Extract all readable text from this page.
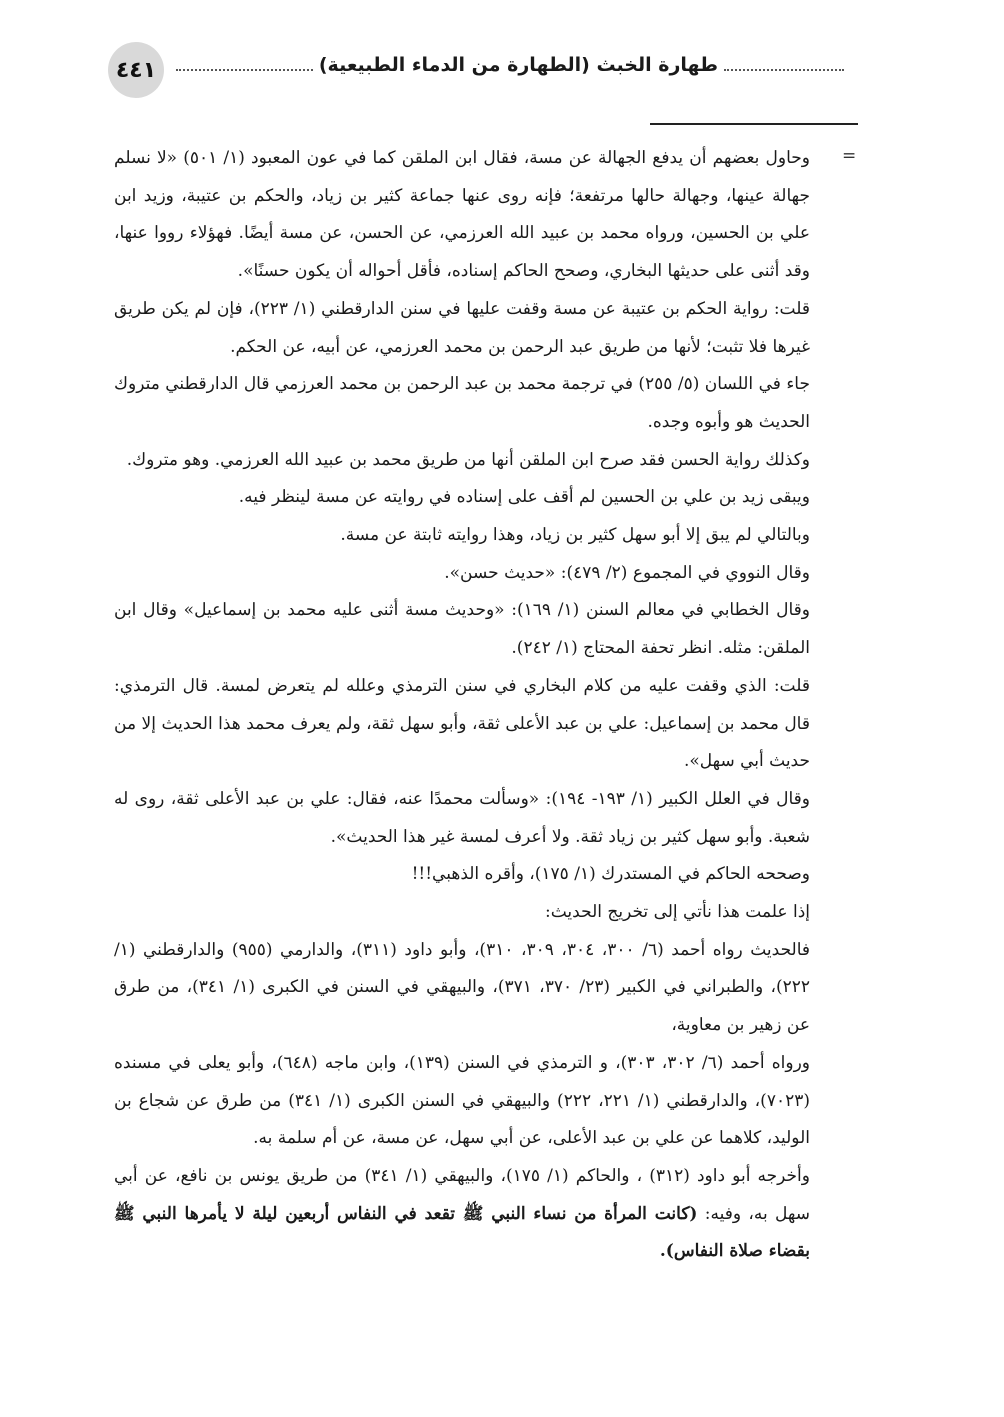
٤٤١	طهارة الخبث (الطهارة من الدماء الطبيعية)
=

وحاول بعضهم أن يدفع الجهالة عن مسة، فقال ابن الملقن كما في عون المعبود (١/ ٥٠١) «لا نسلم جهالة عينها، وجهالة حالها مرتفعة؛ فإنه روى عنها جماعة كثير بن زياد، والحكم بن عتيبة، وزيد ابن علي بن الحسين، ورواه محمد بن عبيد الله العرزمي، عن الحسن، عن مسة أيضًا. فهؤلاء رووا عنها، وقد أثنى على حديثها البخاري، وصحح الحاكم إسناده، فأقل أحواله أن يكون حسنًا».

قلت: رواية الحكم بن عتيبة عن مسة وقفت عليها في سنن الدارقطني (١/ ٢٢٣)، فإن لم يكن طريق غيرها فلا تثبت؛ لأنها من طريق عبد الرحمن بن محمد العرزمي، عن أبيه، عن الحكم.

جاء في اللسان (٥/ ٢٥٥) في ترجمة محمد بن عبد الرحمن بن محمد العرزمي قال الدارقطني متروك الحديث هو وأبوه وجده.

وكذلك رواية الحسن فقد صرح ابن الملقن أنها من طريق محمد بن عبيد الله العرزمي. وهو متروك.

ويبقى زيد بن علي بن الحسين لم أقف على إسناده في روايته عن مسة لينظر فيه.

وبالتالي لم يبق إلا أبو سهل كثير بن زياد، وهذا روايته ثابتة عن مسة.

وقال النووي في المجموع (٢/ ٤٧٩): «حديث حسن».

وقال الخطابي في معالم السنن (١/ ١٦٩): «وحديث مسة أثنى عليه محمد بن إسماعيل» وقال ابن الملقن: مثله. انظر تحفة المحتاج (١/ ٢٤٢).

قلت: الذي وقفت عليه من كلام البخاري في سنن الترمذي وعلله لم يتعرض لمسة. قال الترمذي: قال محمد بن إسماعيل: علي بن عبد الأعلى ثقة، وأبو سهل ثقة، ولم يعرف محمد هذا الحديث إلا من حديث أبي سهل».

وقال في العلل الكبير (١/ ١٩٣- ١٩٤): «وسألت محمدًا عنه، فقال: علي بن عبد الأعلى ثقة، روى له شعبة. وأبو سهل كثير بن زياد ثقة. ولا أعرف لمسة غير هذا الحديث».

وصححه الحاكم في المستدرك (١/ ١٧٥)، وأقره الذهبي!!!

إذا علمت هذا نأتي إلى تخريج الحديث:

فالحديث رواه أحمد (٦/ ٣٠٠، ٣٠٤، ٣٠٩، ٣١٠)، وأبو داود (٣١١)، والدارمي (٩٥٥) والدارقطني (١/ ٢٢٢)، والطبراني في الكبير (٢٣/ ٣٧٠، ٣٧١)، والبيهقي في السنن في الكبرى (١/ ٣٤١)، من طرق عن زهير بن معاوية،

ورواه أحمد (٦/ ٣٠٢، ٣٠٣)، و الترمذي في السنن (١٣٩)، وابن ماجه (٦٤٨)، وأبو يعلى في مسنده (٧٠٢٣)، والدارقطني (١/ ٢٢١، ٢٢٢) والبيهقي في السنن الكبرى (١/ ٣٤١) من طرق عن شجاع بن الوليد، كلاهما عن علي بن عبد الأعلى، عن أبي سهل، عن مسة، عن أم سلمة به.

وأخرجه أبو داود (٣١٢) ، والحاكم (١/ ١٧٥)، والبيهقي (١/ ٣٤١) من طريق يونس بن نافع، عن أبي سهل به، وفيه: (كانت المرأة من نساء النبي ﷺ تقعد في النفاس أربعين ليلة لا يأمرها النبي ﷺ بقضاء صلاة النفاس).
